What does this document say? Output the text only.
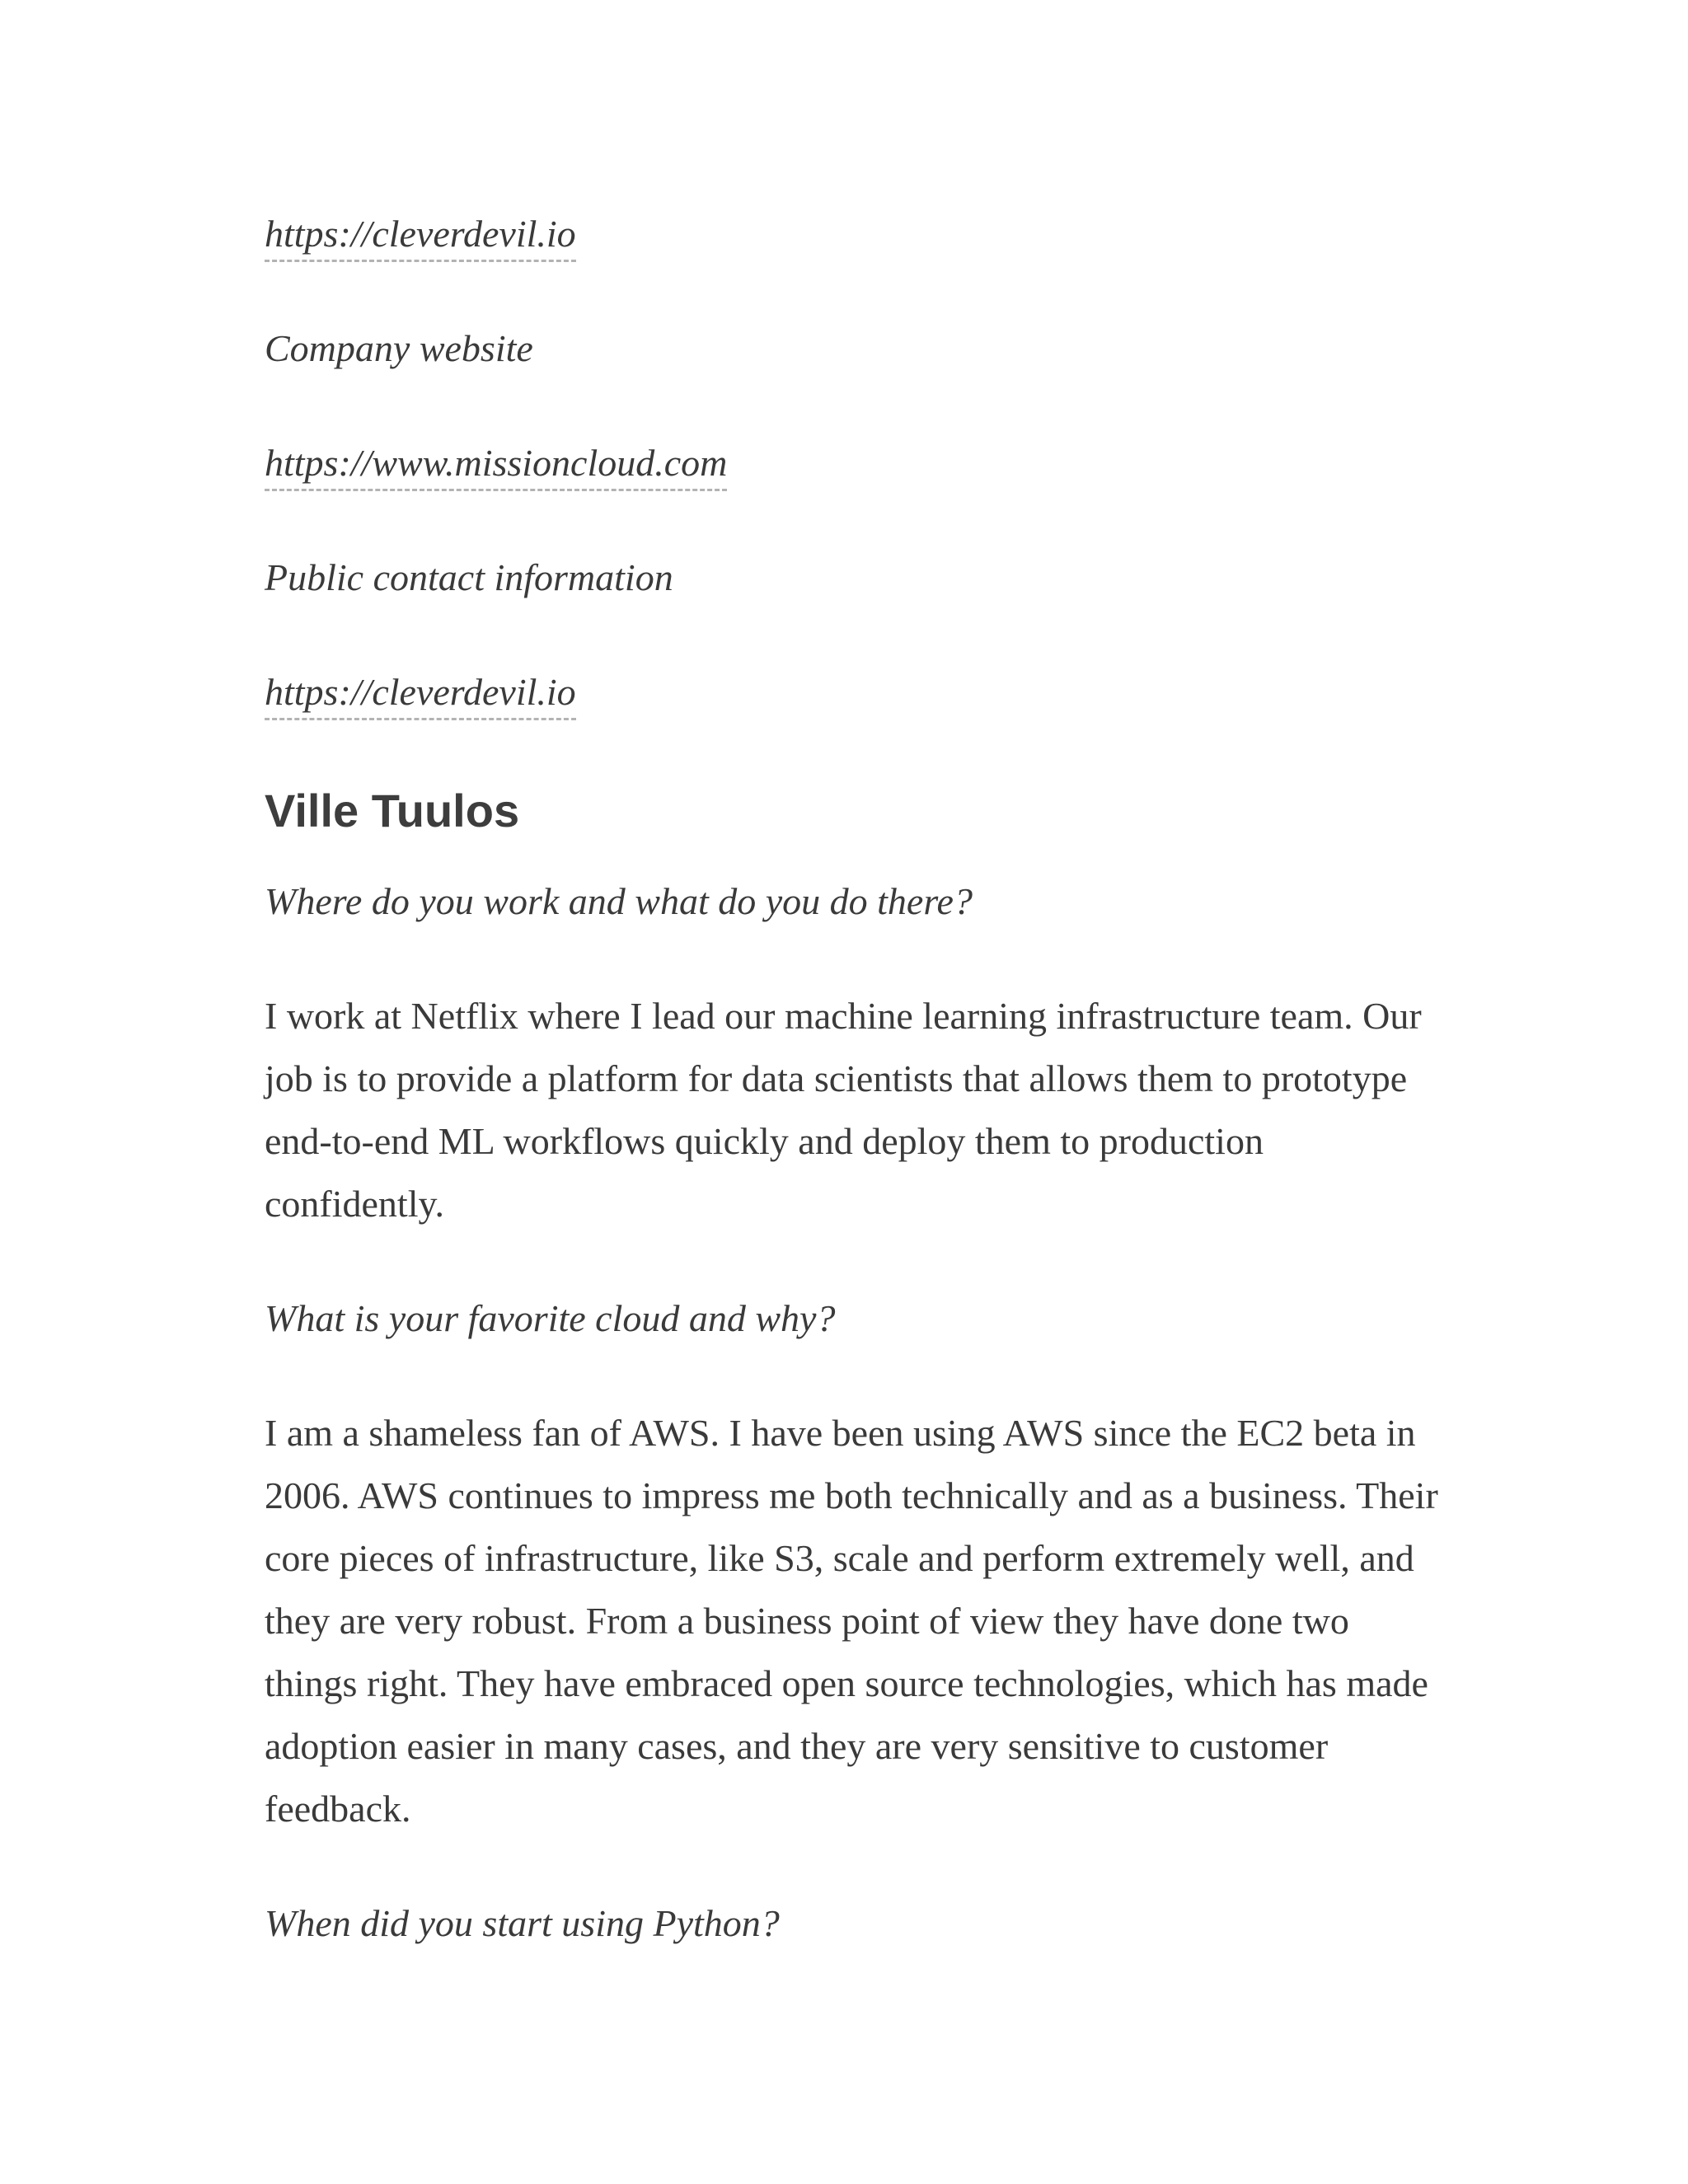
https://cleverdevil.io

Company website

https://www.missioncloud.com

Public contact information

https://cleverdevil.io

Ville Tuulos

Where do you work and what do you do there?

I work at Netflix where I lead our machine learning infrastructure team. Our job is to provide a platform for data scientists that allows them to prototype end-to-end ML workflows quickly and deploy them to production confidently.

What is your favorite cloud and why?

I am a shameless fan of AWS. I have been using AWS since the EC2 beta in 2006. AWS continues to impress me both technically and as a business. Their core pieces of infrastructure, like S3, scale and perform extremely well, and they are very robust. From a business point of view they have done two things right. They have embraced open source technologies, which has made adoption easier in many cases, and they are very sensitive to customer feedback.

When did you start using Python?
